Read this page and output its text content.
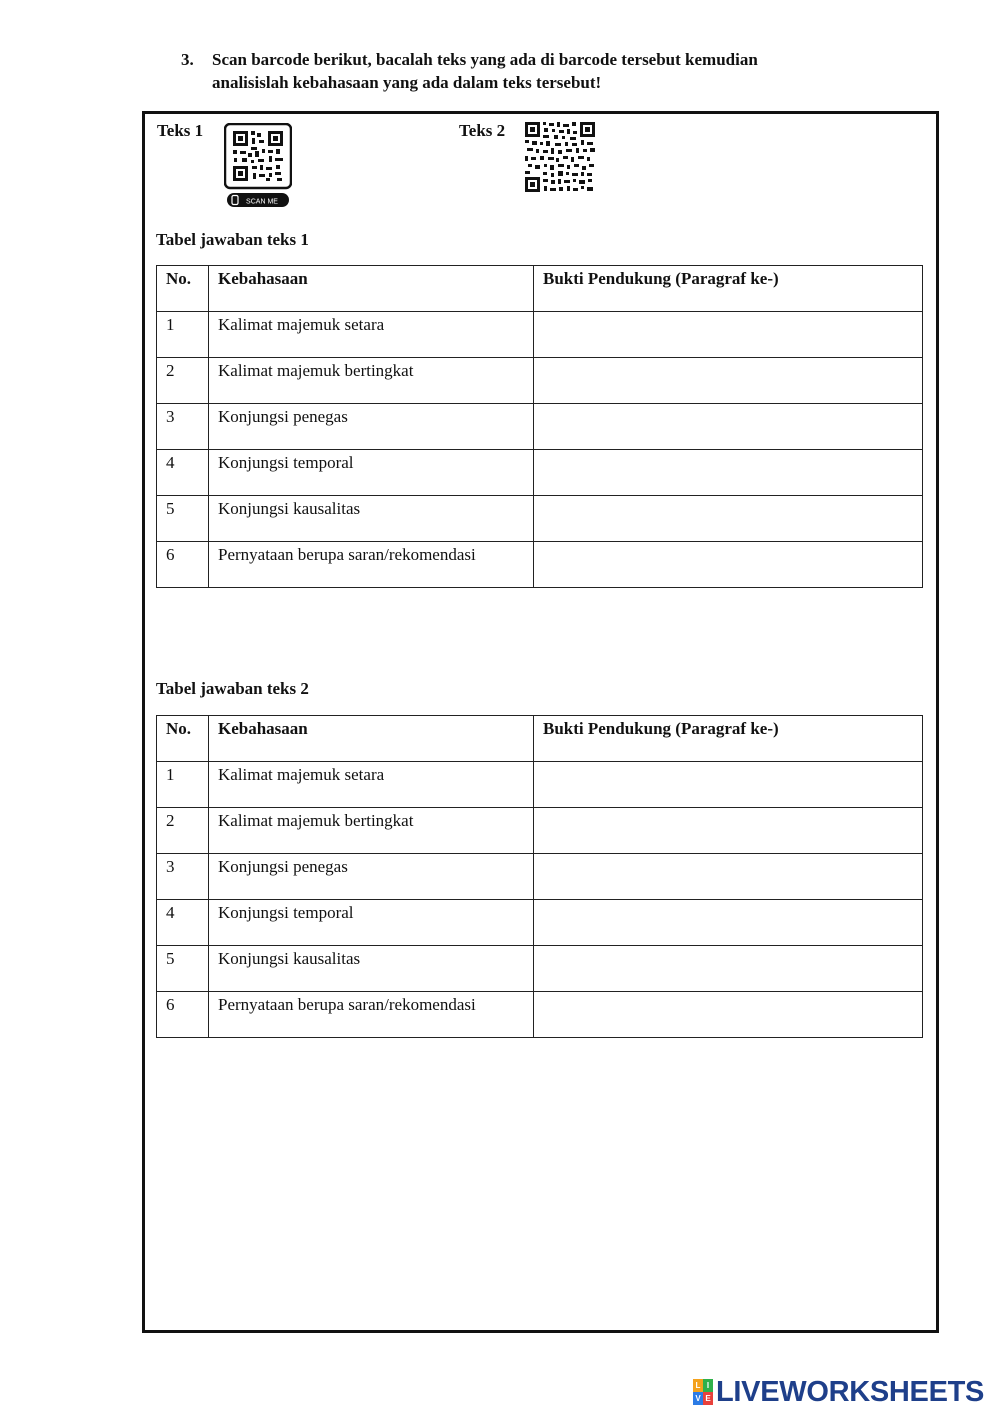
3.	Scan barcode berikut, bacalah teks yang ada di barcode tersebut kemudian
analisislah kebahasaan yang ada dalam teks tersebut!
Teks 1
SCAN ME
Teks 2
Tabel jawaban teks 1
No.	Kebahasaan	Bukti Pendukung (Paragraf ke-)
1	Kalimat majemuk setara	
2	Kalimat majemuk bertingkat	
3	Konjungsi penegas	
4	Konjungsi temporal	
5	Konjungsi kausalitas	
6	Pernyataan berupa saran/rekomendasi	
Tabel jawaban teks 2
No.	Kebahasaan	Bukti Pendukung (Paragraf ke-)
1	Kalimat majemuk setara	
2	Kalimat majemuk bertingkat	
3	Konjungsi penegas	
4	Konjungsi temporal	
5	Konjungsi kausalitas	
6	Pernyataan berupa saran/rekomendasi	
L I
V E LIVEWORKSHEETS
